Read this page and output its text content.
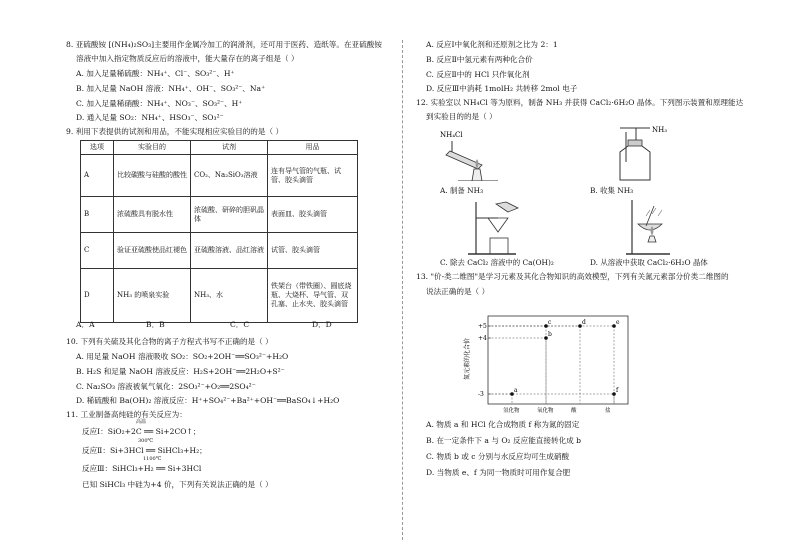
8. 亚硫酸铵 [(NH₄)₂SO₃]主要用作金属冷加工的润滑剂，还可用于医药、造纸等。在亚硫酸铵
溶液中加入指定物质反应后的溶液中，能大量存在的离子组是（ ）
A. 加入足量稀硫酸：NH₄⁺、Cl⁻、SO₃²⁻、H⁺
B. 加入足量 NaOH 溶液：NH₄⁺、OH⁻、SO₃²⁻、Na⁺
C. 加入足量稀硝酸：NH₄⁺、NO₃⁻、SO₃²⁻、H⁺
D. 通入足量 SO₂：NH₄⁺、HSO₃⁻、SO₃²⁻
9. 利用下表提供的试剂和用品，不能实现相应实验目的的是（ ）
选项	实验目的	试剂	用品
A	比较碳酸与硅酸的酸性	CO₂、Na₂SiO₃溶液	连有导气管的气瓶、试管、胶头滴管
B	浓硫酸具有脱水性	浓硫酸、研碎的胆矾晶体	表面皿、胶头滴管
C	验证亚硫酸使品红褪色	亚硫酸溶液、品红溶液	试管、胶头滴管
D	NH₃ 的喷泉实验	NH₃、水	铁架台（带铁圈）、圆底烧瓶、大烧杯、导气管、双孔塞、止水夹、胶头滴管
A．A	B．B	C．C	D．D
10. 下列有关硫及其化合物的离子方程式书写不正确的是（ ）
A. 用足量 NaOH 溶液吸收 SO₂：SO₂+2OH⁻══SO₃²⁻+H₂O
B. H₂S 和足量 NaOH 溶液反应：H₂S+2OH⁻══2H₂O+S²⁻
C. Na₂SO₃ 溶液被氧气氧化：2SO₃²⁻+O₂══2SO₄²⁻
D. 稀硫酸和 Ba(OH)₂ 溶液反应：H⁺+SO₄²⁻+Ba²⁺+OH⁻══BaSO₄↓+H₂O
11. 工业制备高纯硅的有关反应为：
反应Ⅰ：SiO₂+2C ══ Si+2CO↑；
高温
反应Ⅱ：Si+3HCl ══ SiHCl₃+H₂；
300℃
反应Ⅲ：SiHCl₃+H₂ ══ Si+3HCl
1100℃
已知 SiHCl₃ 中硅为+4 价，下列有关说法正确的是（ ）
A. 反应Ⅰ中氧化剂和还原剂之比为 2：1
B. 反应Ⅱ中氢元素有两种化合价
C. 反应Ⅱ中的 HCl 只作氧化剂
D. 反应Ⅲ中消耗 1molH₂ 共转移 2mol 电子
12. 实验室以 NH₄Cl 等为原料，制备 NH₃ 并获得 CaCl₂·6H₂O 晶体。下列图示装置和原理能达
到实验目的的是（ ）
NH₄Cl
NH₃
A. 制备 NH₃	B. 收集 NH₃
C. 除去 CaCl₂ 溶液中的 Ca(OH)₂	D. 从溶液中获取 CaCl₂·6H₂O 晶体
13. "价-类二维图"是学习元素及其化合物知识的高效模型，下列有关氮元素部分价类二维图的
说法正确的是（ ）
氮元素的化合价
+5
+4
-3
氢化物	氧化物	酸	盐
a
b
c	d	e
f
A. 物质 a 和 HCl 化合成物质 f 称为氮的固定
B. 在一定条件下 a 与 O₂ 反应能直接转化成 b
C. 物质 b 或 c 分别与水反应均可生成硝酸
D. 当物质 e、f 为同一物质时可用作复合肥
